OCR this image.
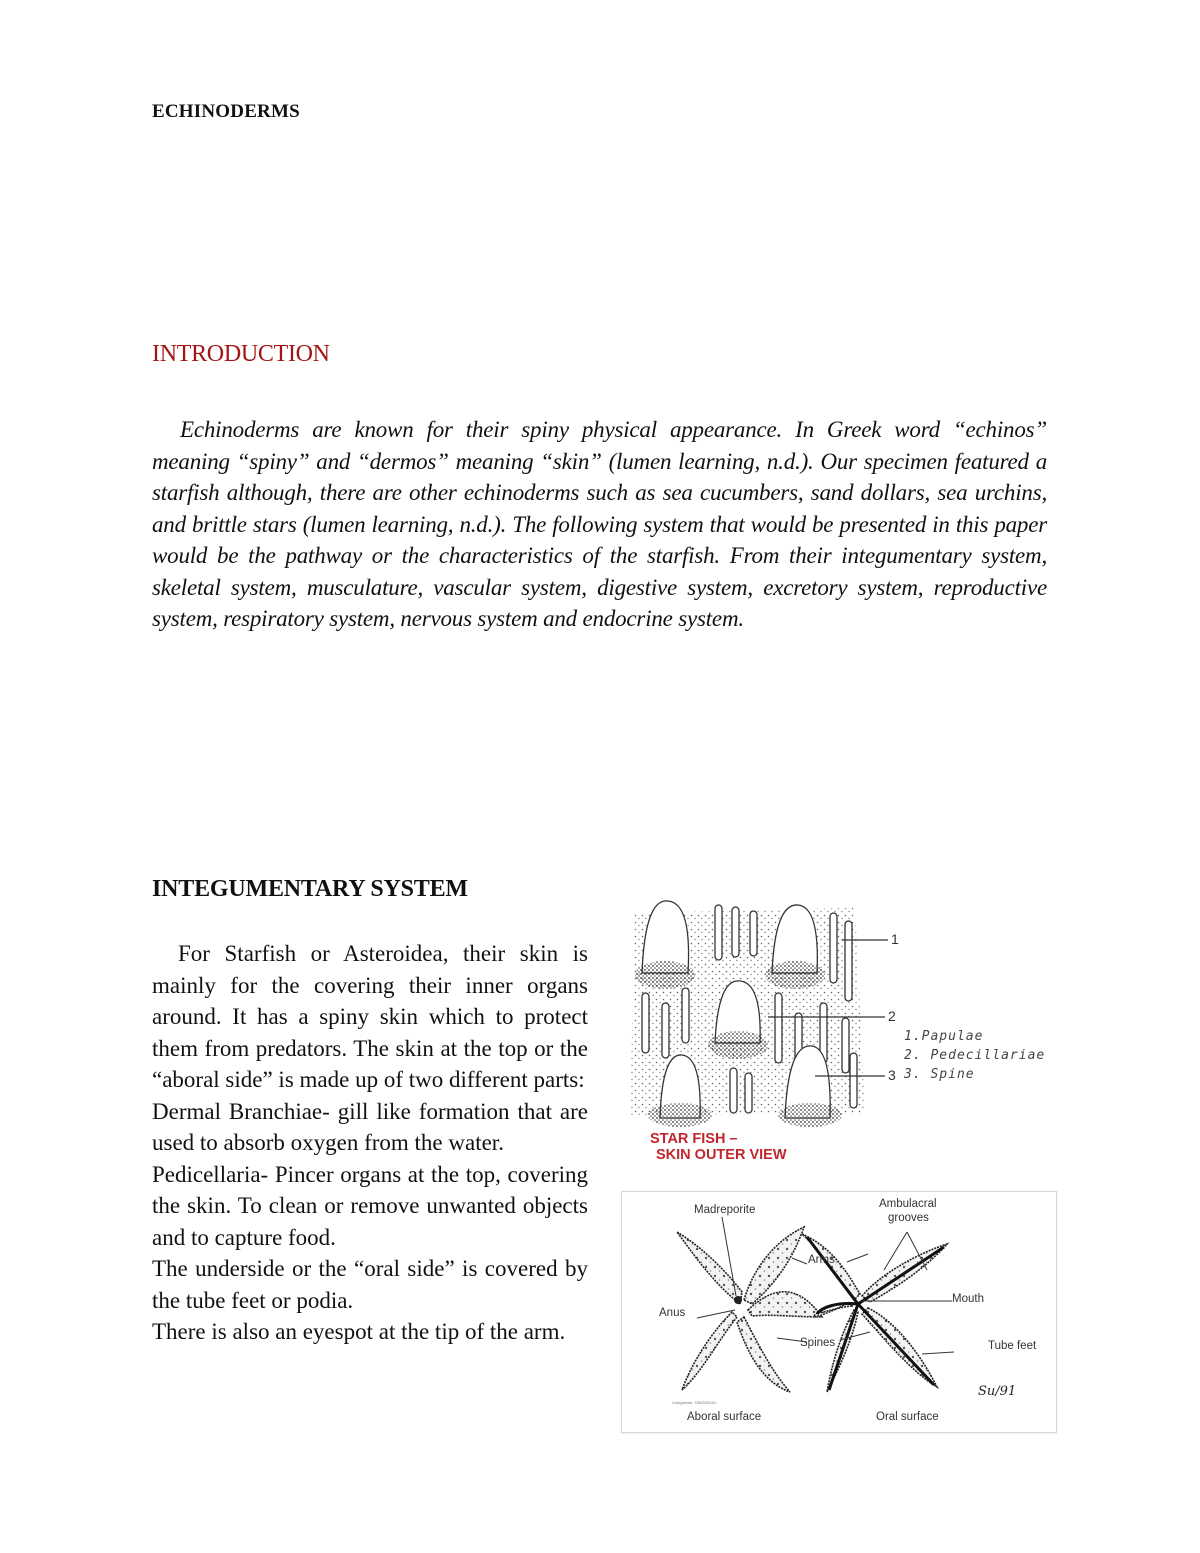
ECHINODERMS
INTRODUCTION
Echinoderms are known for their spiny physical appearance. In Greek word “echinos” meaning “spiny” and “dermos” meaning “skin” (lumen learning, n.d.). Our specimen featured a starfish although, there are other echinoderms such as sea cucumbers, sand dollars, sea urchins, and brittle stars (lumen learning, n.d.). The following system that would be presented in this paper would be the pathway or the characteristics of the starfish. From their integumentary system, skeletal system, musculature, vascular system, digestive system, excretory system, reproductive system, respiratory system, nervous system and endocrine system.
INTEGUMENTARY SYSTEM

For Starfish or Asteroidea, their skin is mainly for the covering their inner organs around. It has a spiny skin which to protect them from predators. The skin at the top or the “aboral side” is made up of two different parts:

Dermal Branchiae- gill like formation that are used to absorb oxygen from the water.

Pedicellaria- Pincer organs at the top, covering the skin. To clean or remove unwanted objects and to capture food.

The underside or the “oral side” is covered by the tube feet or podia.

There is also an eyespot at the tip of the arm.

1
2
3
1.Papulae
2. Pedecillariae
3. Spine
STAR FISH –
SKIN OUTER VIEW
Madreporite
Arms
Anus
Spines
Ambulacral
grooves
Mouth
Tube feet
Livingstone, ©BIODIDAC
Su/91
Aboral surface	Oral surface
